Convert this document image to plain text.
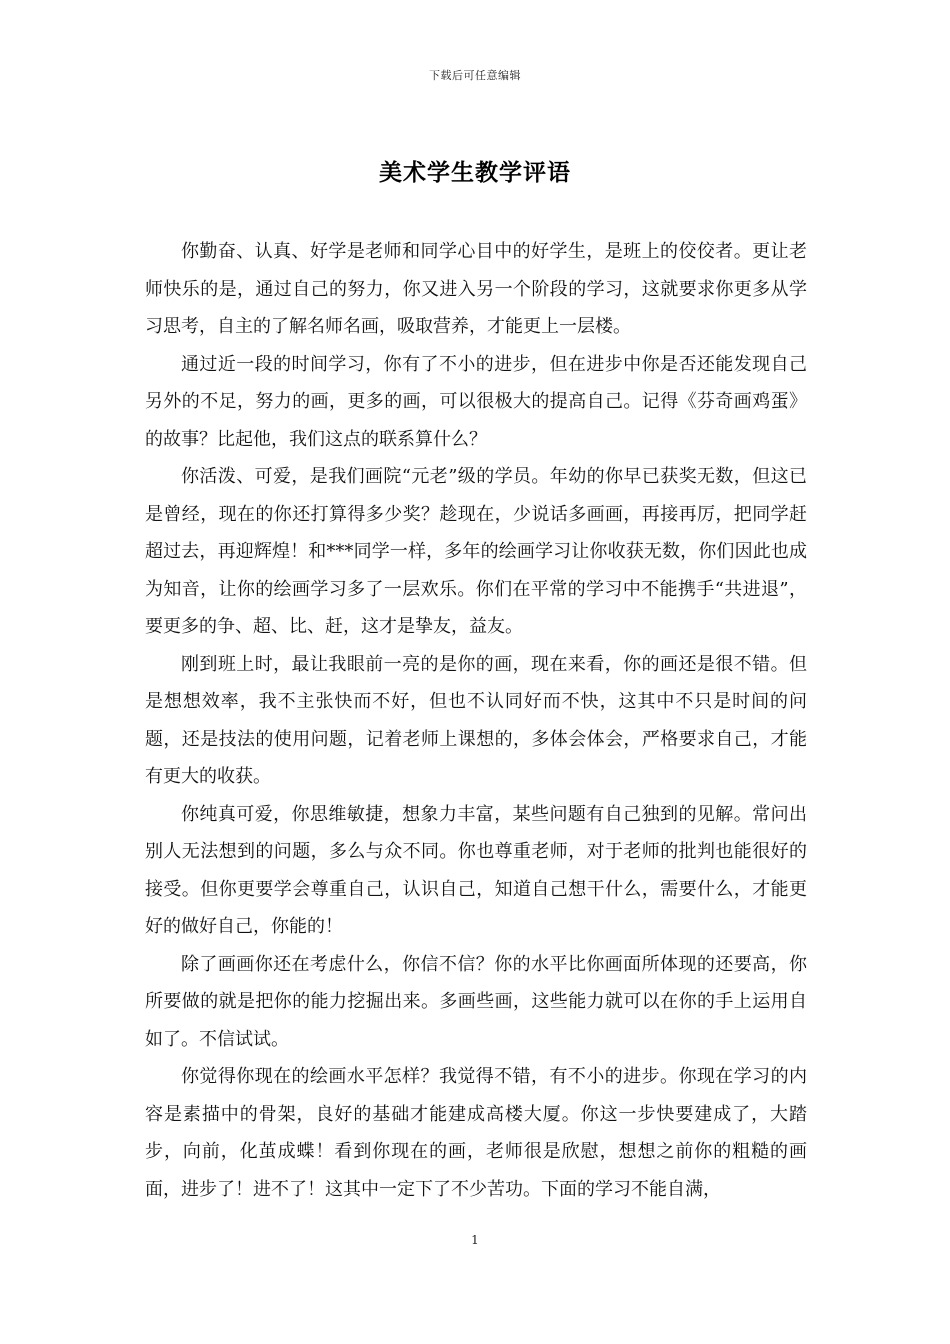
下载后可任意编辑
美术学生教学评语

你勤奋、认真、好学是老师和同学心目中的好学生，是班上的佼佼者。更让老师快乐的是，通过自己的努力，你又进入另一个阶段的学习，这就要求你更多从学习思考，自主的了解名师名画，吸取营养，才能更上一层楼。

通过近一段的时间学习，你有了不小的进步，但在进步中你是否还能发现自己另外的不足，努力的画，更多的画，可以很极大的提高自己。记得《芬奇画鸡蛋》的故事？比起他，我们这点的联系算什么？

你活泼、可爱，是我们画院“元老”级的学员。年幼的你早已获奖无数，但这已是曾经，现在的你还打算得多少奖？趁现在，少说话多画画，再接再厉，把同学赶超过去，再迎辉煌！和***同学一样，多年的绘画学习让你收获无数，你们因此也成为知音，让你的绘画学习多了一层欢乐。你们在平常的学习中不能携手“共进退”，要更多的争、超、比、赶，这才是挚友，益友。

刚到班上时，最让我眼前一亮的是你的画，现在来看，你的画还是很不错。但是想想效率，我不主张快而不好，但也不认同好而不快，这其中不只是时间的问题，还是技法的使用问题，记着老师上课想的，多体会体会，严格要求自己，才能有更大的收获。

你纯真可爱，你思维敏捷，想象力丰富，某些问题有自己独到的见解。常问出别人无法想到的问题，多么与众不同。你也尊重老师，对于老师的批判也能很好的接受。但你更要学会尊重自己，认识自己，知道自己想干什么，需要什么，才能更好的做好自己，你能的！

除了画画你还在考虑什么，你信不信？你的水平比你画面所体现的还要高，你所要做的就是把你的能力挖掘出来。多画些画，这些能力就可以在你的手上运用自如了。不信试试。

你觉得你现在的绘画水平怎样？我觉得不错，有不小的进步。你现在学习的内容是素描中的骨架，良好的基础才能建成高楼大厦。你这一步快要建成了，大踏步，向前，化茧成蝶！看到你现在的画，老师很是欣慰，想想之前你的粗糙的画面，进步了！进不了！这其中一定下了不少苦功。下面的学习不能自满，

1
